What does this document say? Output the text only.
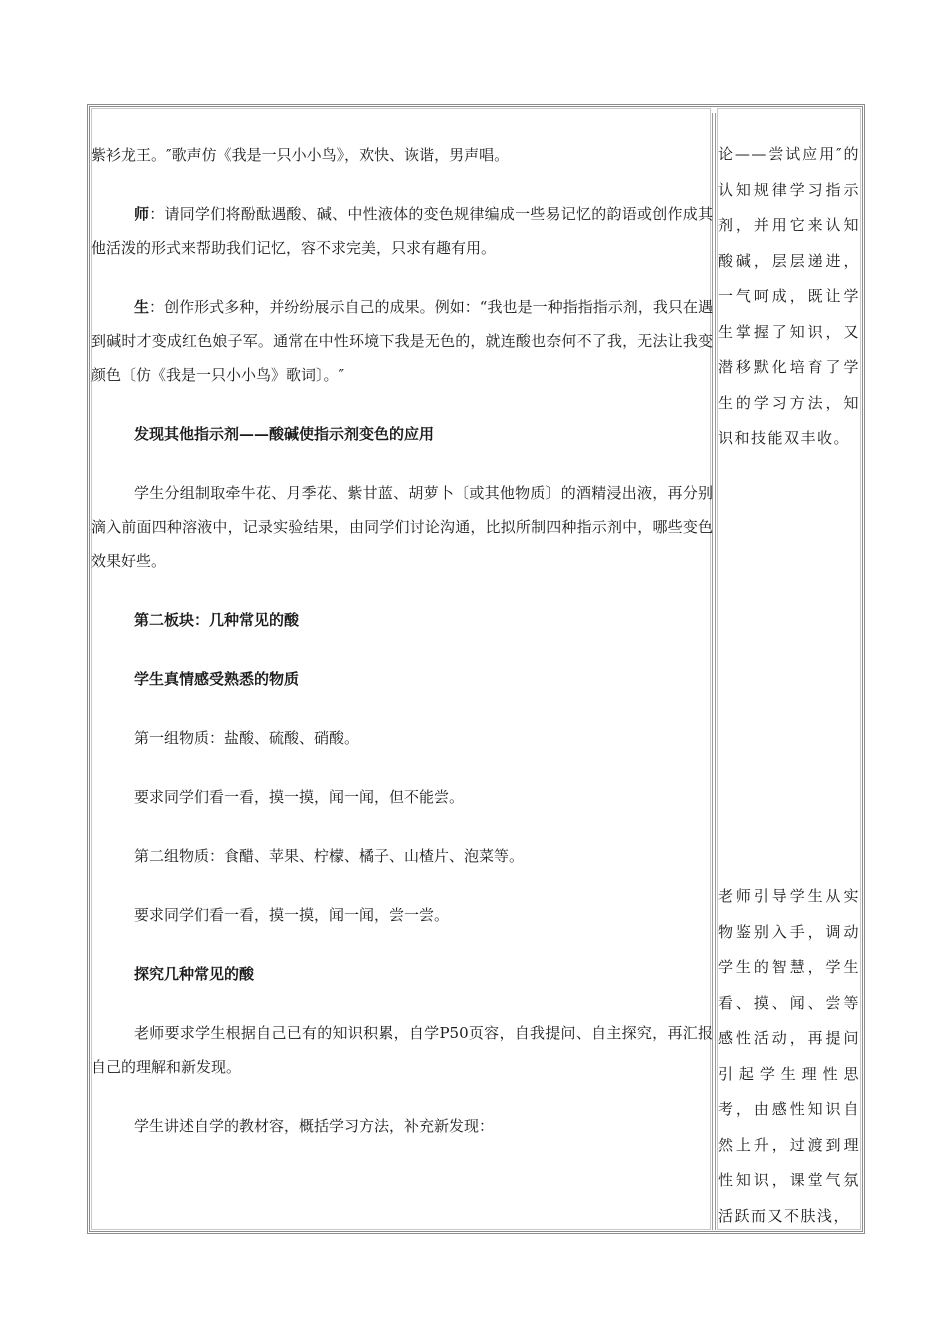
紫衫龙王。″歌声仿《我是一只小小鸟》，欢快、诙谐，男声唱。

师：请同学们将酚酞遇酸、碱、中性液体的变色规律编成一些易记忆的韵语或创作成其他活泼的形式来帮助我们记忆，容不求完美，只求有趣有用。

生：创作形式多种，并纷纷展示自己的成果。例如：“我也是一种指指指示剂，我只在遇到碱时才变成红色娘子军。通常在中性环境下我是无色的，就连酸也奈何不了我，无法让我变颜色〔仿《我是一只小小鸟》歌词〕。″

发现其他指示剂——酸碱使指示剂变色的应用

学生分组制取牵牛花、月季花、紫甘蓝、胡萝卜〔或其他物质〕的酒精浸出液，再分别滴入前面四种溶液中，记录实验结果，由同学们讨论沟通，比拟所制四种指示剂中，哪些变色效果好些。

第二板块：几种常见的酸

学生真情感受熟悉的物质

第一组物质：盐酸、硫酸、硝酸。

要求同学们看一看，摸一摸，闻一闻，但不能尝。

第二组物质：食醋、苹果、柠檬、橘子、山楂片、泡菜等。

要求同学们看一看，摸一摸，闻一闻，尝一尝。

探究几种常见的酸

老师要求学生根据自己已有的知识积累，自学P50页容，自我提问、自主探究，再汇报自己的理解和新发现。

学生讲述自学的教材容，概括学习方法，补充新发现：

论——尝试应用″的认知规律学习指示剂，并用它来认知酸碱，层层递进，一气呵成，既让学生掌握了知识，又潜移默化培育了学生的学习方法，知识和技能双丰收。

老师引导学生从实物鉴别入手，调动学生的智慧，学生看、摸、闻、尝等感性活动，再提问引起学生理性思考，由感性知识自然上升，过渡到理性知识，课堂气氛活跃而又不肤浅，
